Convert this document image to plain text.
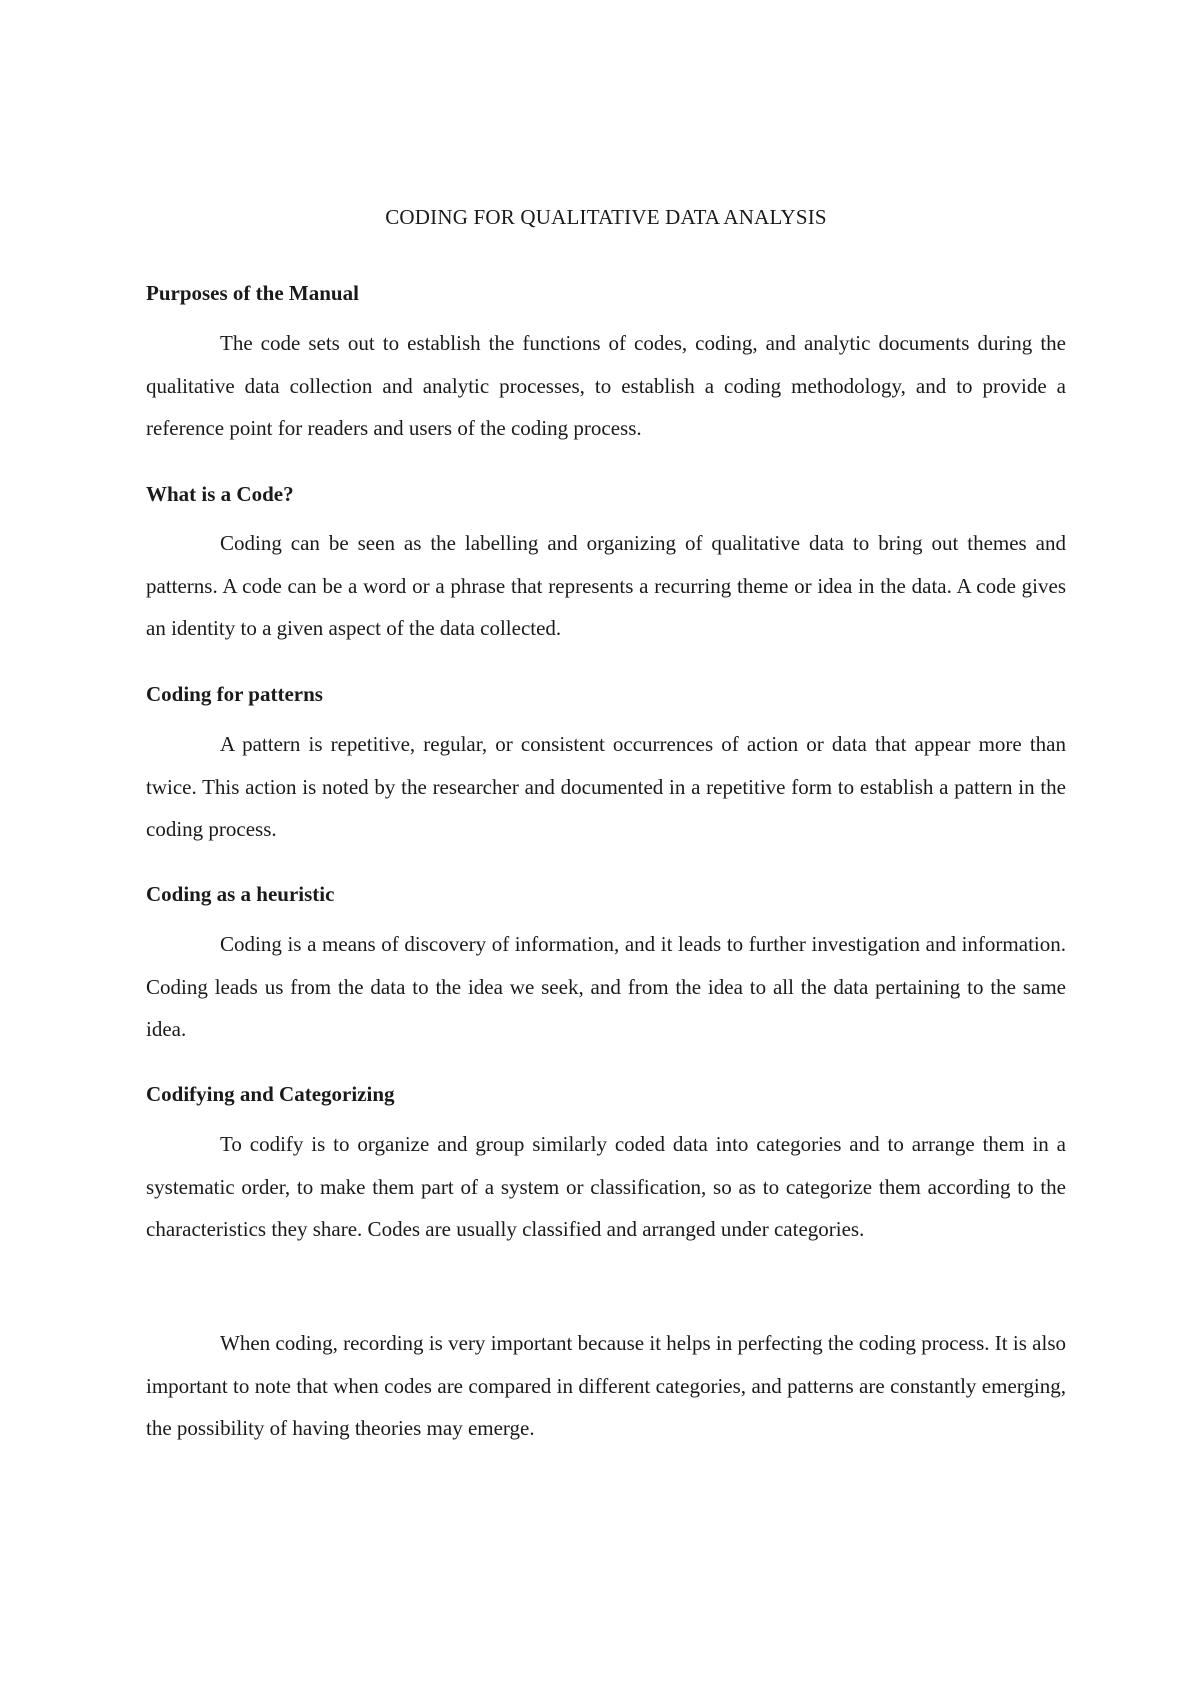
CODING FOR QUALITATIVE DATA ANALYSIS
Purposes of the Manual

The code sets out to establish the functions of codes, coding, and analytic documents during the qualitative data collection and analytic processes, to establish a coding methodology, and to provide a reference point for readers and users of the coding process.

What is a Code?

Coding can be seen as the labelling and organizing of qualitative data to bring out themes and patterns. A code can be a word or a phrase that represents a recurring theme or idea in the data. A code gives an identity to a given aspect of the data collected.

Coding for patterns

A pattern is repetitive, regular, or consistent occurrences of action or data that appear more than twice. This action is noted by the researcher and documented in a repetitive form to establish a pattern in the coding process.

Coding as a heuristic

Coding is a means of discovery of information, and it leads to further investigation and information. Coding leads us from the data to the idea we seek, and from the idea to all the data pertaining to the same idea.

Codifying and Categorizing

To codify is to organize and group similarly coded data into categories and to arrange them in a systematic order, to make them part of a system or classification, so as to categorize them according to the characteristics they share. Codes are usually classified and arranged under categories.

When coding, recording is very important because it helps in perfecting the coding process. It is also important to note that when codes are compared in different categories, and patterns are constantly emerging, the possibility of having theories may emerge.
